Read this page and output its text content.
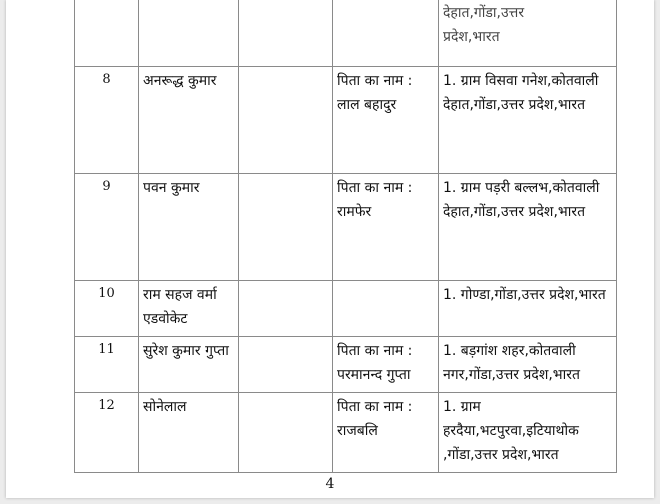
				देहात,गोंडा,उत्तर
प्रदेश,भारत

8	अनरूद्ध कुमार		पिता का नाम : लाल बहादुर	1. ग्राम विसवा गनेश,कोतवाली देहात,गोंडा,उत्तर प्रदेश,भारत
9	पवन कुमार		पिता का नाम : रामफेर	1. ग्राम पड़री बल्लभ,कोतवाली देहात,गोंडा,उत्तर प्रदेश,भारत
10	राम सहज वर्मा एडवोकेट			1. गोण्डा,गोंडा,उत्तर प्रदेश,भारत
11	सुरेश कुमार गुप्ता		पिता का नाम : परमानन्द गुप्ता	1. बड़गांश शहर,कोतवाली नगर,गोंडा,उत्तर प्रदेश,भारत
12	सोनेलाल		पिता का नाम : राजबलि	1. ग्राम हरदैया,भटपुरवा,इटियाथोक ,गोंडा,उत्तर प्रदेश,भारत
4
